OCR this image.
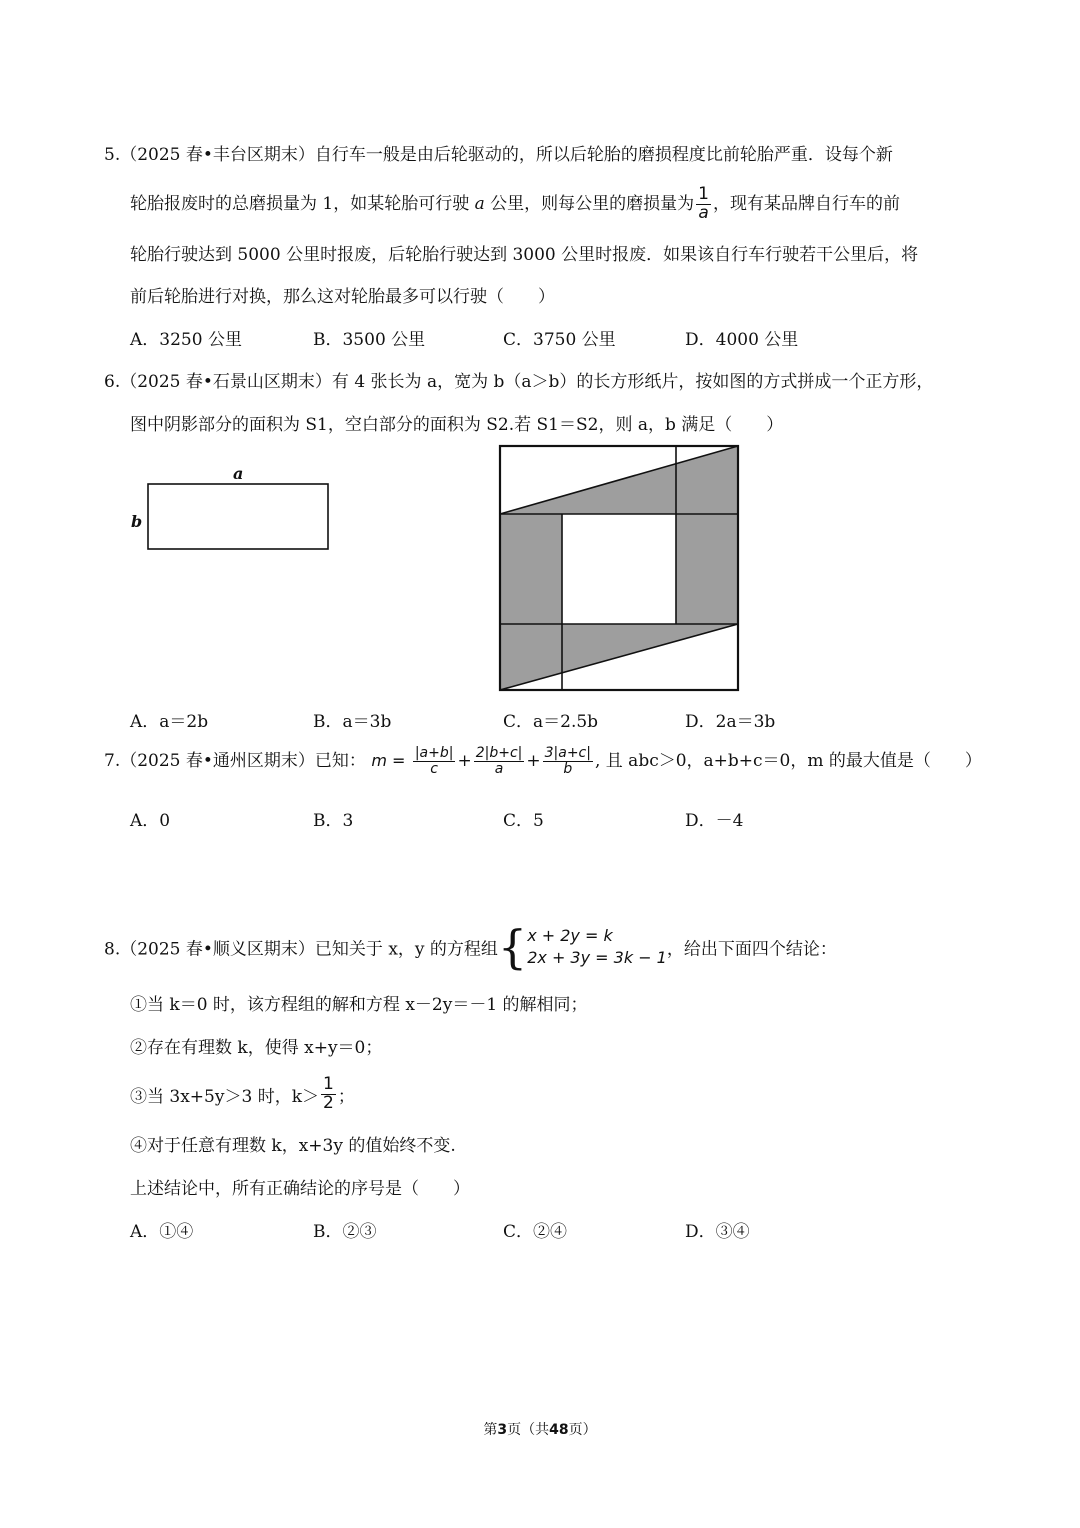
5.（2025 春•丰台区期末）自行车一般是由后轮驱动的，所以后轮胎的磨损程度比前轮胎严重．设每个新
轮胎报废时的总磨损量为 1，如某轮胎可行驶 a 公里，则每公里的磨损量为 $\frac{1}{a}$ ，现有某品牌自行车的前
轮胎行驶达到 5000 公里时报废，后轮胎行驶达到 3000 公里时报废．如果该自行车行驶若干公里后，将
前后轮胎进行对换，那么这对轮胎最多可以行驶（　　）
A．3250 公里	B．3500 公里	C．3750 公里	D．4000 公里
6.（2025 春•石景山区期末）有 4 张长为 a，宽为 b（a＞b）的长方形纸片，按如图的方式拼成一个正方形，
图中阴影部分的面积为 S1，空白部分的面积为 S2.若 S1＝S2，则 a，b 满足（　　）
a
b
A．a＝2b	B．a＝3b	C．a＝2.5b	D．2a＝3b
7.（2025 春•通州区期末）已知： $m = \frac{|a+b|}{c} + \frac{2|b+c|}{a} + \frac{3|a+c|}{b}$ , 且 abc＞0，a+b+c＝0，m 的最大值是（　　）
A．0	B．3	C．5	D．－4
8.（2025 春•顺义区期末）已知关于 x，y 的方程组{ x + 2y = k
2x + 3y = 3k − 1 ，给出下面四个结论：
①当 k＝0 时，该方程组的解和方程 x－2y＝－1 的解相同；
②存在有理数 k，使得 x+y＝0；
③当 3x+5y＞3 时，$k> \frac{1}{2}$ ；
④对于任意有理数 k，x+3y 的值始终不变.
上述结论中，所有正确结论的序号是（　　）
A．①④	B．②③	C．②④	D．③④
第3页（共48页）
